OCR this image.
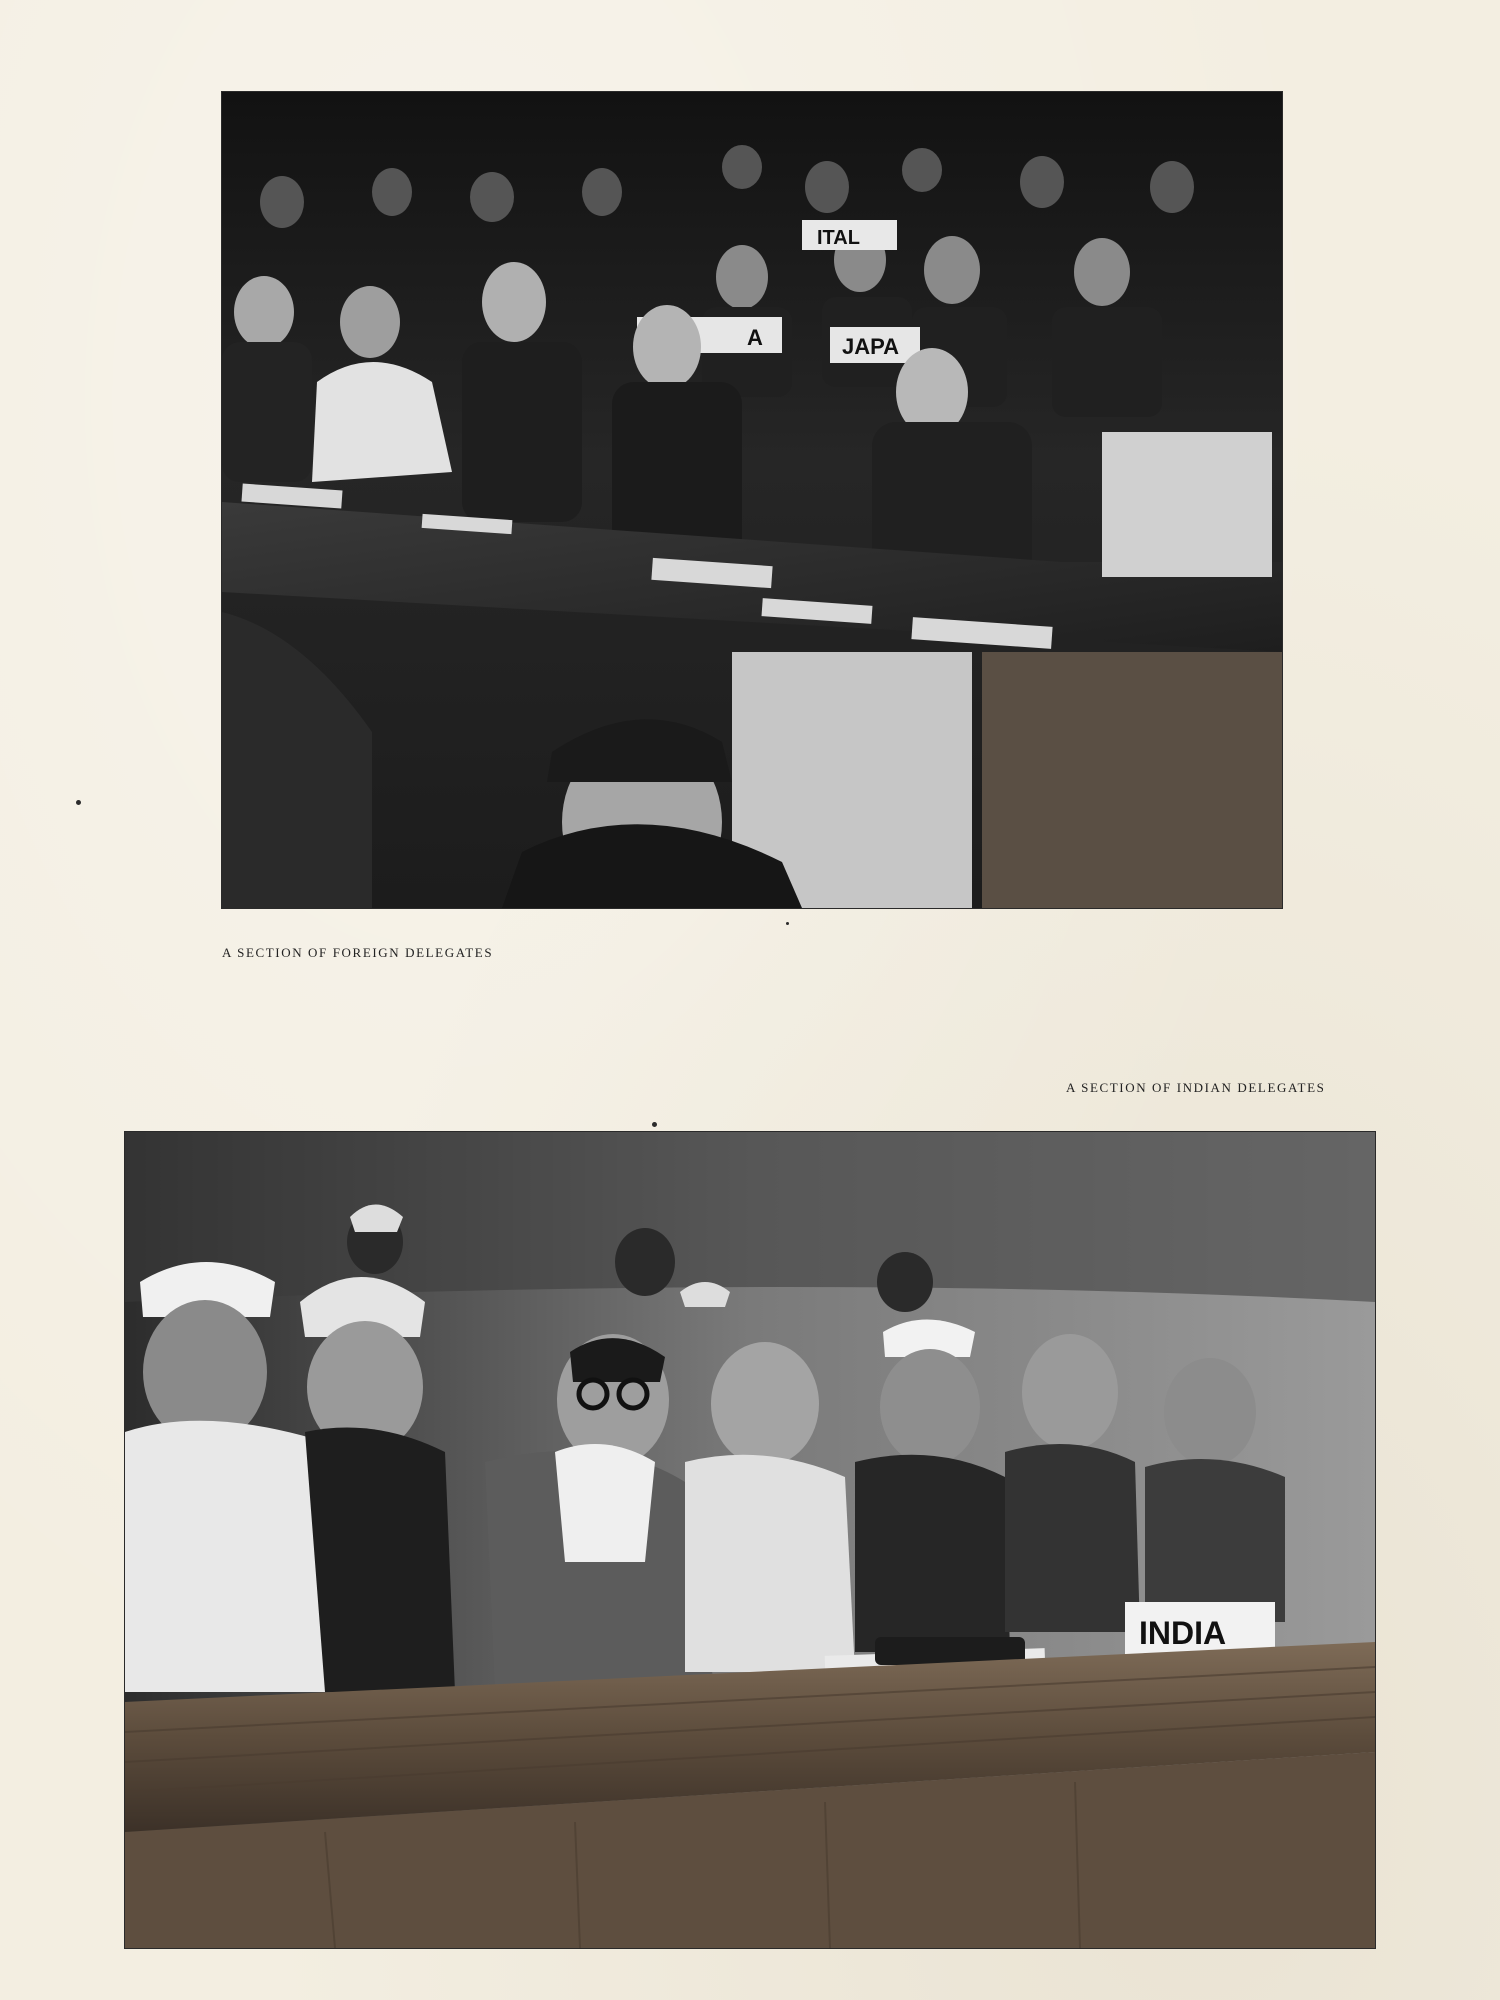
ITAL
A	JAPA
A SECTION OF FOREIGN DELEGATES
A SECTION OF INDIAN DELEGATES
INDIA
